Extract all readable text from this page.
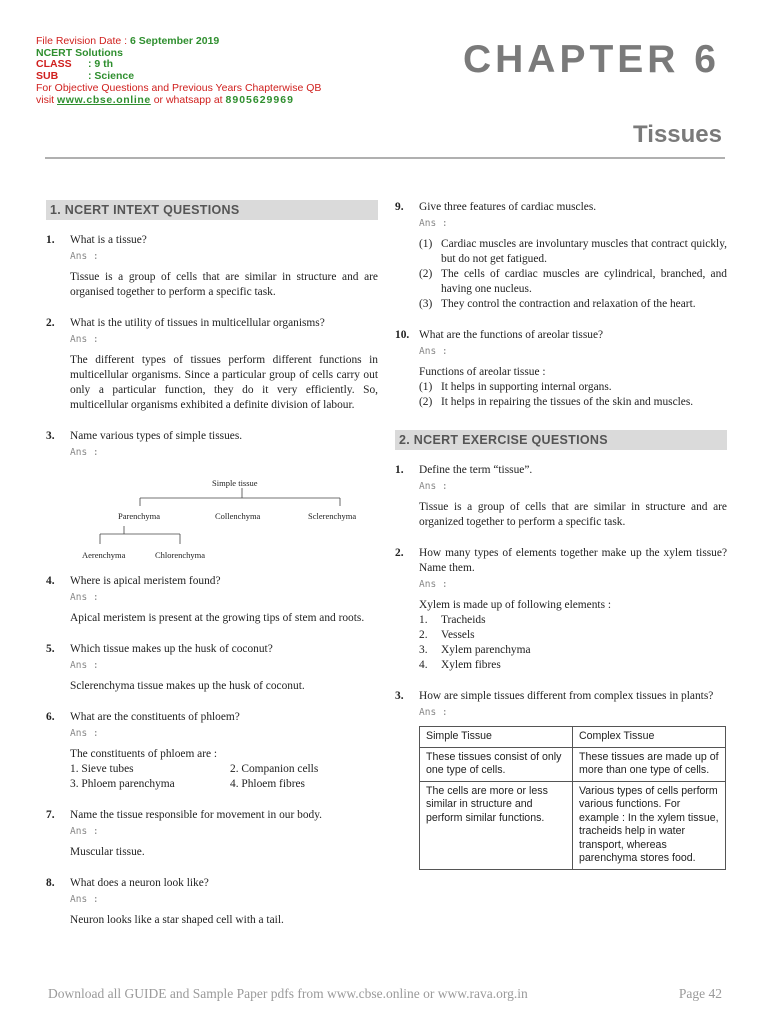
File Revision Date : 6 September 2019
NCERT Solutions
CLASS : 9 th
SUB	: Science
For Objective Questions and Previous Years Chapterwise QB
visit www.cbse.online or whatsapp at 8905629969
CHAPTER 6
Tissues
1. NCERT INTEXT QUESTIONS
1. What is a tissue?
Ans :
Tissue is a group of cells that are similar in structure and are organised together to perform a specific task.
2. What is the utility of tissues in multicellular organisms?
Ans :
The different types of tissues perform different functions in multicellular organisms. Since a particular group of cells carry out only a particular function, they do it very efficiently. So, multicellular organisms exhibited a definite division of labour.
3. Name various types of simple tissues.
Ans :
Simple tissue
Parenchyma	Collenchyma	Sclerenchyma
Aerenchyma	Chlorenchyma
4. Where is apical meristem found?
Ans :
Apical meristem is present at the growing tips of stem and roots.
5. Which tissue makes up the husk of coconut?
Ans :
Sclerenchyma tissue makes up the husk of coconut.
6. What are the constituents of phloem?
Ans :
The constituents of phloem are :
1. Sieve tubes	2. Companion cells
3. Phloem parenchyma	4. Phloem fibres
7. Name the tissue responsible for movement in our body.
Ans :
Muscular tissue.
8. What does a neuron look like?
Ans :
Neuron looks like a star shaped cell with a tail.
9. Give three features of cardiac muscles.
Ans :
(1) Cardiac muscles are involuntary muscles that contract quickly, but do not get fatigued.
(2) The cells of cardiac muscles are cylindrical, branched, and having one nucleus.
(3) They control the contraction and relaxation of the heart.
10. What are the functions of areolar tissue?
Ans :
Functions of areolar tissue :
(1) It helps in supporting internal organs.
(2) It helps in repairing the tissues of the skin and muscles.
2. NCERT EXERCISE QUESTIONS
1. Define the term “tissue”.
Ans :
Tissue is a group of cells that are similar in structure and are organized together to perform a specific task.
2. How many types of elements together make up the xylem tissue? Name them.
Ans :
Xylem is made up of following elements :
1. Tracheids
2. Vessels
3. Xylem parenchyma
4. Xylem fibres
3. How are simple tissues different from complex tissues in plants?
Ans :
Simple Tissue	Complex Tissue
These tissues consist of only one type of cells.	These tissues are made up of more than one type of cells.
The cells are more or less similar in structure and perform similar functions.	Various types of cells perform various functions. For example : In the xylem tissue, tracheids help in water transport, whereas parenchyma stores food.
Download all GUIDE and Sample Paper pdfs from www.cbse.online or www.rava.org.in	Page 42
